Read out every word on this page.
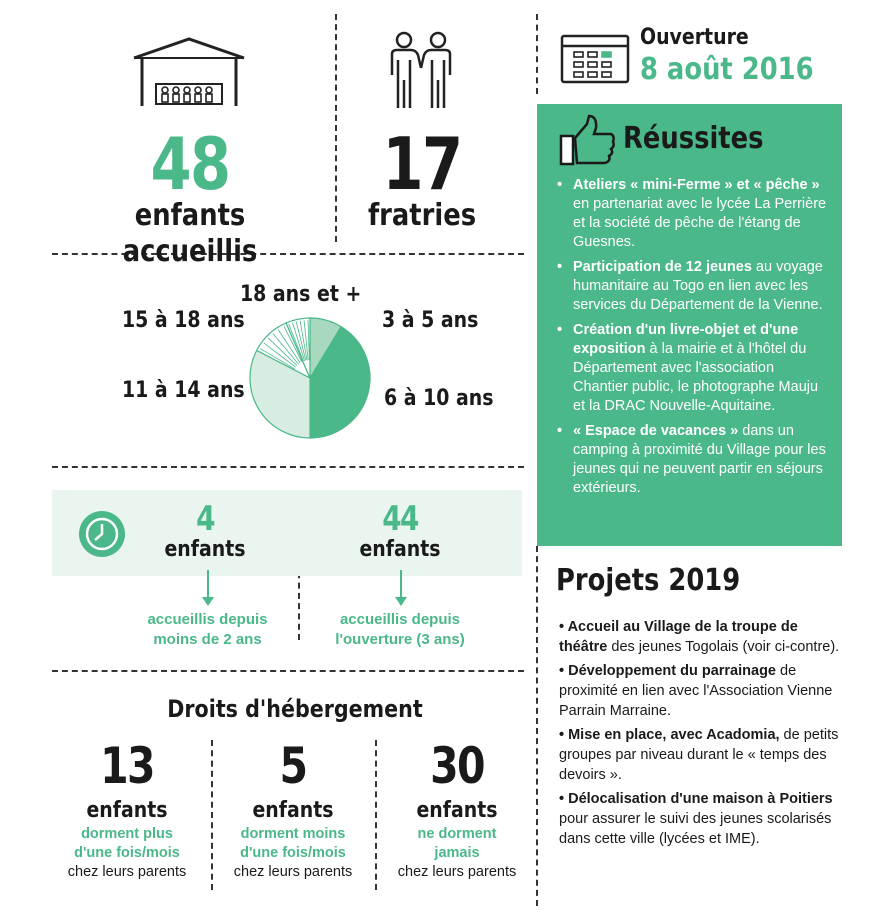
48
enfants accueillis
17
fratries
18 ans et +
15 à 18 ans	3 à 5 ans
11 à 14 ans	6 à 10 ans
4
enfants
44
enfants
accueillis depuis
moins de 2 ans
accueillis depuis
l'ouverture (3 ans)
Droits d'hébergement
13
enfants
dorment plus
d'une fois/mois
chez leurs parents
5
enfants
dorment moins
d'une fois/mois
chez leurs parents
30
enfants
ne dorment
jamais
chez leurs parents
Ouverture
8 août 2016
Réussites
• Ateliers « mini-Ferme » et « pêche » en partenariat avec le lycée La Perrière et la société de pêche de l'étang de Guesnes.
• Participation de 12 jeunes au voyage humanitaire au Togo en lien avec les services du Département de la Vienne.
• Création d'un livre-objet et d'une exposition à la mairie et à l'hôtel du Département avec l'association Chantier public, le photographe Mauju et la DRAC Nouvelle-Aquitaine.
• « Espace de vacances » dans un camping à proximité du Village pour les jeunes qui ne peuvent partir en séjours extérieurs.
Projets 2019

• Accueil au Village de la troupe de théâtre des jeunes Togolais (voir ci-contre).

• Développement du parrainage de proximité en lien avec l'Association Vienne Parrain Marraine.

• Mise en place, avec Acadomia, de petits groupes par niveau durant le « temps des devoirs ».

• Délocalisation d'une maison à Poitiers pour assurer le suivi des jeunes scolarisés dans cette ville (lycées et IME).
